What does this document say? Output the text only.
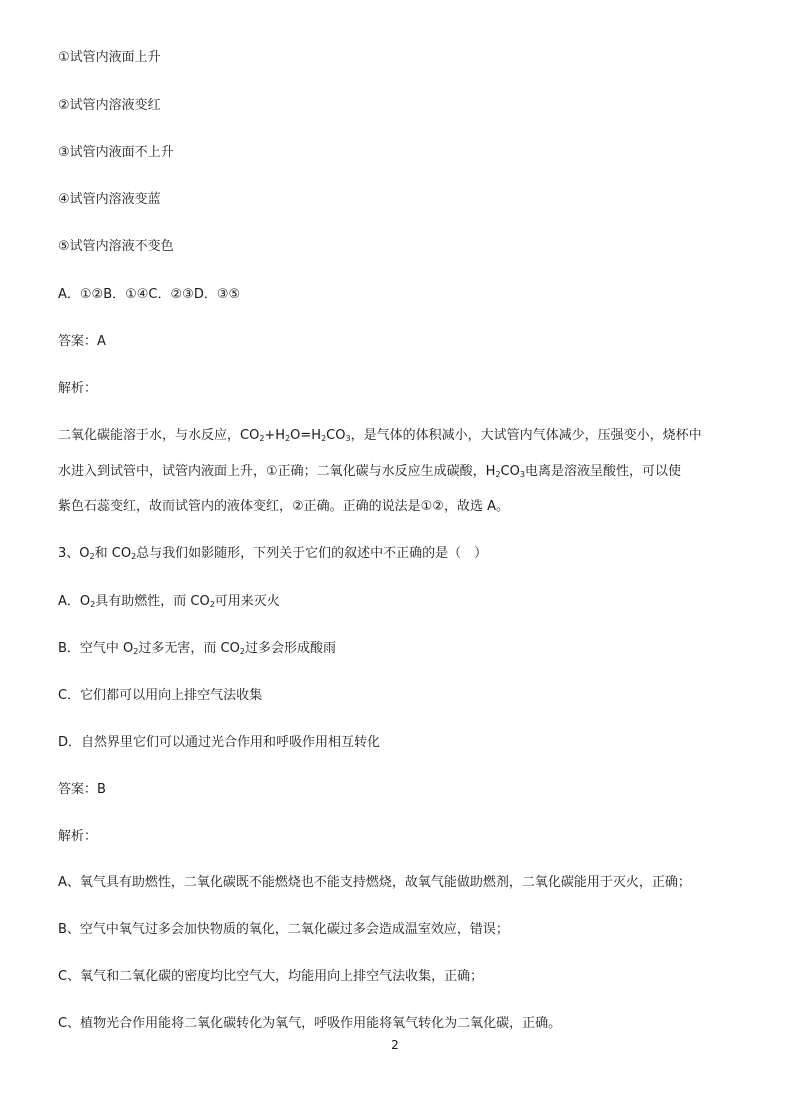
①试管内液面上升
②试管内溶液变红
③试管内液面不上升
④试管内溶液变蓝
⑤试管内溶液不变色
A．①②B．①④C．②③D．③⑤
答案：A
解析：
二氧化碳能溶于水，与水反应，$CO_2+H_2O=H_2CO_3$，是气体的体积减小，大试管内气体减少，压强变小，烧杯中
水进入到试管中，试管内液面上升，①正确；二氧化碳与水反应生成碳酸，$H_2CO_3$电离是溶液呈酸性，可以使
紫色石蕊变红，故而试管内的液体变红，②正确。正确的说法是①②，故选 A。
3、$O_2$和 $CO_2$总与我们如影随形，下列关于它们的叙述中不正确的是（　）
A．$O_2$具有助燃性，而 $CO_2$可用来灭火
B．空气中 $O_2$过多无害，而 $CO_2$过多会形成酸雨
C．它们都可以用向上排空气法收集
D．自然界里它们可以通过光合作用和呼吸作用相互转化
答案：B
解析：
A、氧气具有助燃性，二氧化碳既不能燃烧也不能支持燃烧，故氧气能做助燃剂，二氧化碳能用于灭火，正确；
B、空气中氧气过多会加快物质的氧化，二氧化碳过多会造成温室效应，错误；
C、氧气和二氧化碳的密度均比空气大，均能用向上排空气法收集，正确；
C、植物光合作用能将二氧化碳转化为氧气，呼吸作用能将氧气转化为二氧化碳，正确。
2
